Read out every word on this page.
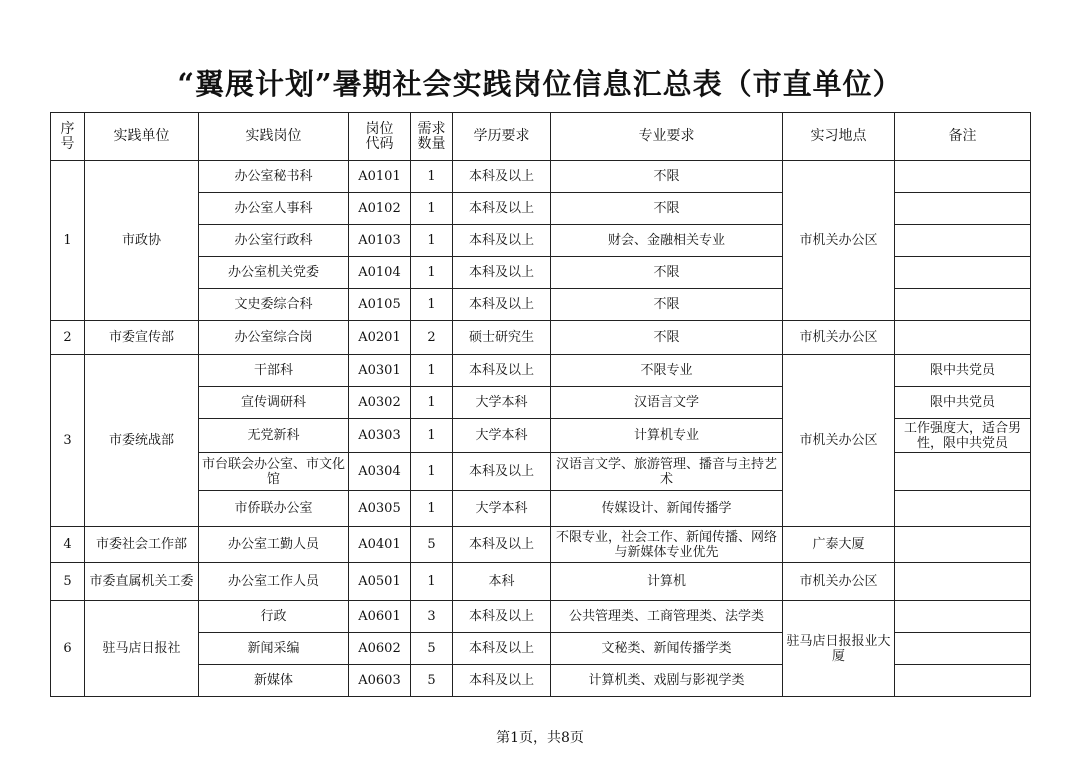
“翼展计划”暑期社会实践岗位信息汇总表（市直单位）
序号	实践单位	实践岗位	岗位代码	需求数量	学历要求	专业要求	实习地点	备注
1	市政协	办公室秘书科	A0101	1	本科及以上	不限	市机关办公区	
		办公室人事科	A0102	1	本科及以上	不限		
		办公室行政科	A0103	1	本科及以上	财会、金融相关专业		
		办公室机关党委	A0104	1	本科及以上	不限		
		文史委综合科	A0105	1	本科及以上	不限		
2	市委宣传部	办公室综合岗	A0201	2	硕士研究生	不限	市机关办公区	
3	市委统战部	干部科	A0301	1	本科及以上	不限专业	市机关办公区	限中共党员
		宣传调研科	A0302	1	大学本科	汉语言文学		限中共党员
		无党新科	A0303	1	大学本科	计算机专业		工作强度大，适合男性，限中共党员
		市台联会办公室、市文化馆	A0304	1	本科及以上	汉语言文学、旅游管理、播音与主持艺术		
		市侨联办公室	A0305	1	大学本科	传媒设计、新闻传播学		
4	市委社会工作部	办公室工勤人员	A0401	5	本科及以上	不限专业，社会工作、新闻传播、网络与新媒体专业优先	广泰大厦	
5	市委直属机关工委	办公室工作人员	A0501	1	本科	计算机	市机关办公区	
6	驻马店日报社	行政	A0601	3	本科及以上	公共管理类、工商管理类、法学类	驻马店日报报业大厦	
		新闻采编	A0602	5	本科及以上	文秘类、新闻传播学类		
		新媒体	A0603	5	本科及以上	计算机类、戏剧与影视学类		
第1页，共8页
